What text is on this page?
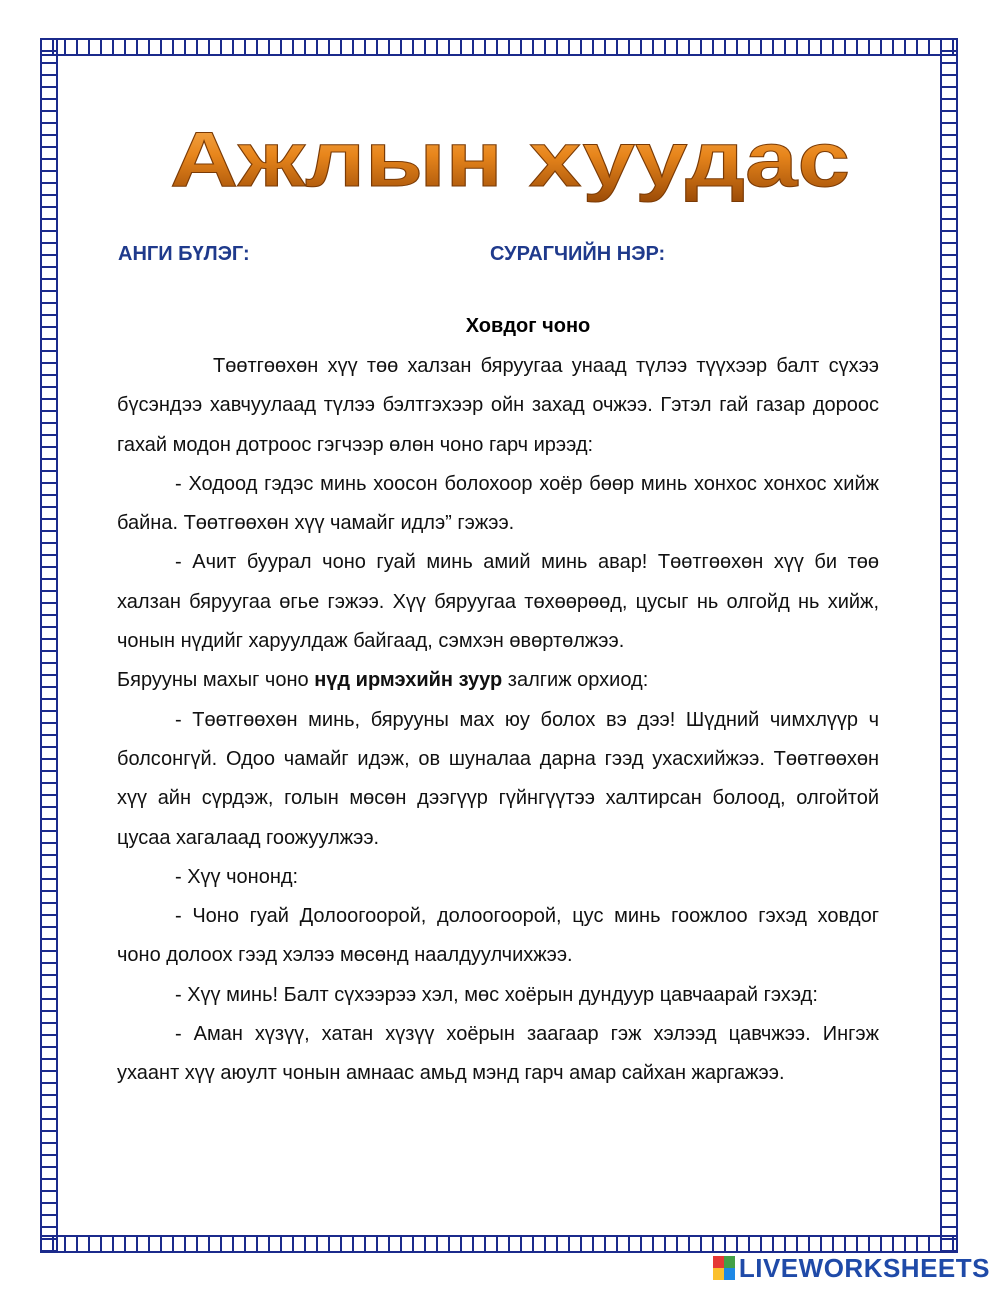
Ажлын хуудас
АНГИ БҮЛЭГ:	СУРАГЧИЙН НЭР:
Ховдог чоно

Төөтгөөхөн хүү төө халзан бяруугаа унаад түлээ түүхээр балт сүхээ бүсэндээ хавчуулаад түлээ бэлтгэхээр ойн захад очжээ. Гэтэл гай газар дороос гахай модон дотроос гэгчээр өлөн чоно гарч ирээд:

- Ходоод гэдэс минь хоосон болохоор хоёр бөөр минь хонхос хонхос хийж байна. Төөтгөөхөн хүү чамайг идлэ” гэжээ.

- Ачит буурал чоно гуай минь амий минь авар! Төөтгөөхөн хүү би төө халзан бяруугаа өгье гэжээ. Хүү бяруугаа төхөөрөөд, цусыг нь олгойд нь хийж, чонын нүдийг харуулдаж байгаад, сэмхэн өвөртөлжээ.

Бярууны махыг чоно нүд ирмэхийн зуур залгиж орхиод:

- Төөтгөөхөн минь, бярууны мах юу болох вэ дээ! Шүдний чимхлүүр ч болсонгүй. Одоо чамайг идэж, ов шуналаа дарна гээд ухасхийжээ. Төөтгөөхөн хүү айн сүрдэж, голын мөсөн дээгүүр гүйнгүүтээ халтирсан болоод, олгойтой цусаа хагалаад гоожуулжээ.

- Хүү чононд:

- Чоно гуай Долоогоорой, долоогоорой, цус минь гоожлоо гэхэд ховдог чоно долоох гээд хэлээ мөсөнд наалдуулчихжээ.

- Хүү минь! Балт сүхээрээ хэл, мөс хоёрын дундуур цавчаарай гэхэд:

- Аман хүзүү, хатан хүзүү хоёрын заагаар гэж хэлээд цавчжээ. Ингэж ухаант хүү аюулт чонын амнаас амьд мэнд гарч амар сайхан жаргажээ.

LIVEWORKSHEETS
